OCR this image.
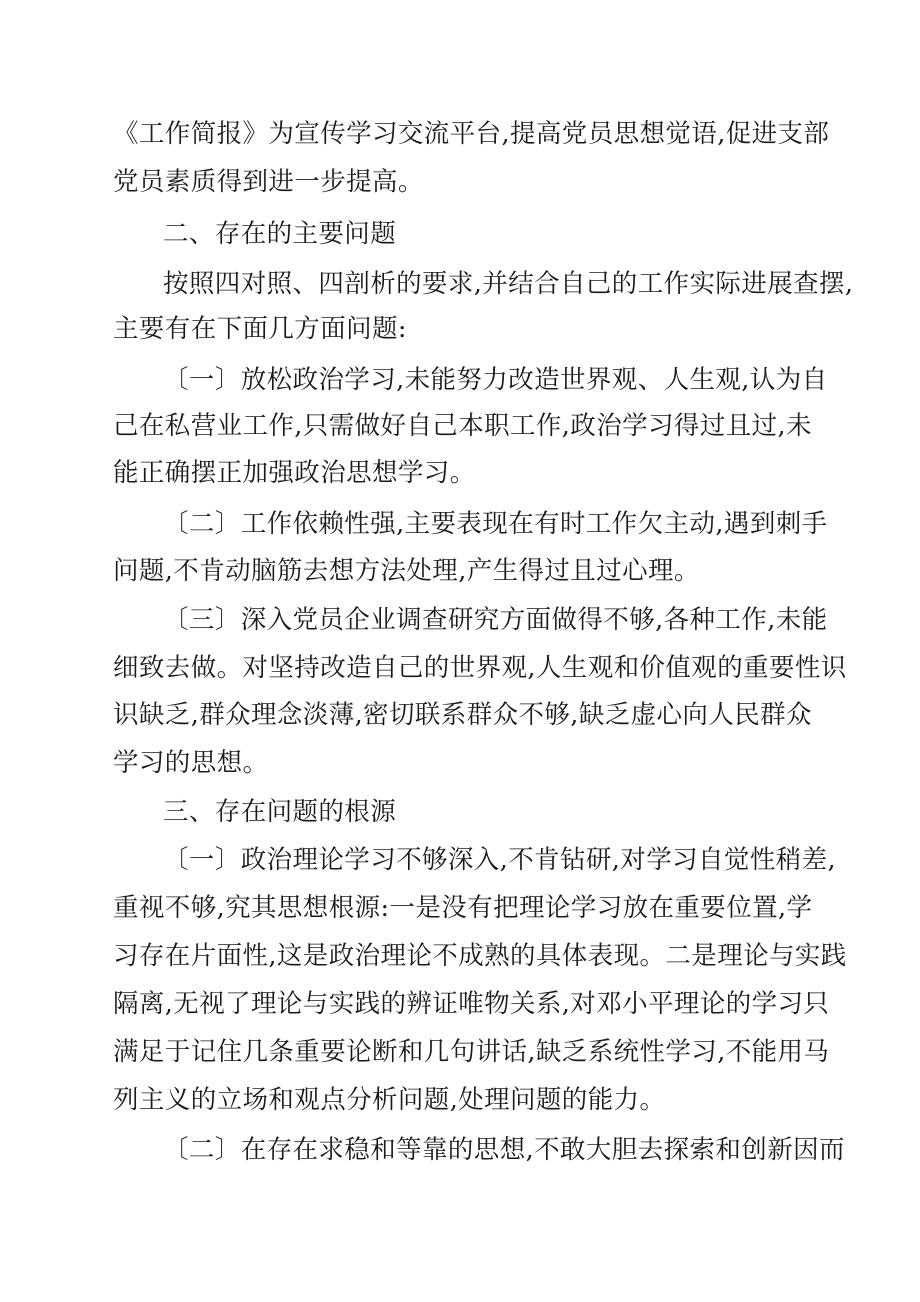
《工作简报》为宣传学习交流平台,提高党员思想觉语,促进支部
党员素质得到进一步提高。
二、存在的主要问题
按照四对照、四剖析的要求,并结合自己的工作实际进展查摆,
主要有在下面几方面问题:
〔一〕放松政治学习,未能努力改造世界观、人生观,认为自
己在私营业工作,只需做好自己本职工作,政治学习得过且过,未
能正确摆正加强政治思想学习。
〔二〕工作依赖性强,主要表现在有时工作欠主动,遇到刺手
问题,不肯动脑筋去想方法处理,产生得过且过心理。
〔三〕深入党员企业调查研究方面做得不够,各种工作,未能
细致去做。对坚持改造自己的世界观,人生观和价值观的重要性识
识缺乏,群众理念淡薄,密切联系群众不够,缺乏虚心向人民群众
学习的思想。
三、存在问题的根源
〔一〕政治理论学习不够深入,不肯钻研,对学习自觉性稍差,
重视不够,究其思想根源:一是没有把理论学习放在重要位置,学
习存在片面性,这是政治理论不成熟的具体表现。二是理论与实践
隔离,无视了理论与实践的辨证唯物关系,对邓小平理论的学习只
满足于记住几条重要论断和几句讲话,缺乏系统性学习,不能用马
列主义的立场和观点分析问题,处理问题的能力。
〔二〕在存在求稳和等靠的思想,不敢大胆去探索和创新因而
